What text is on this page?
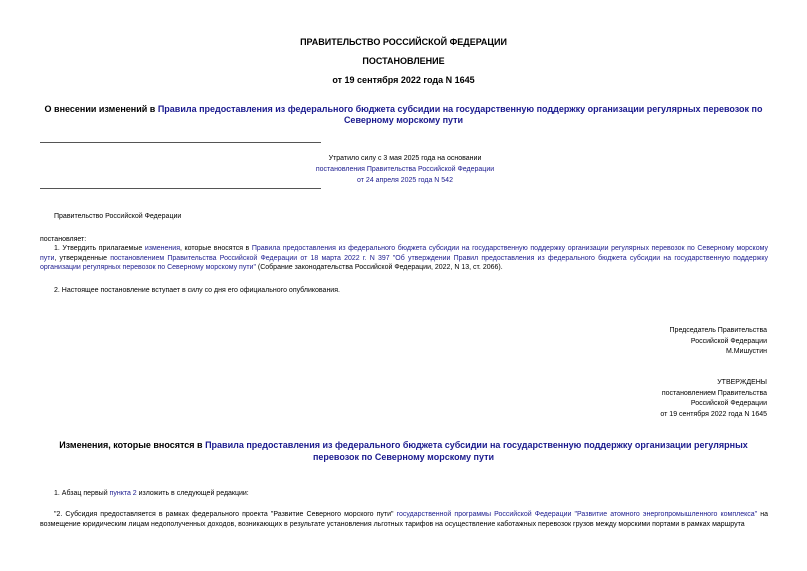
ПРАВИТЕЛЬСТВО РОССИЙСКОЙ ФЕДЕРАЦИИ
ПОСТАНОВЛЕНИЕ
от 19 сентября 2022 года N 1645
О внесении изменений в Правила предоставления из федерального бюджета субсидии на государственную поддержку организации регулярных перевозок по Северному морскому пути
Утратило силу с 3 мая 2025 года на основании
постановления Правительства Российской Федерации
от 24 апреля 2025 года N 542
Правительство Российской Федерации
постановляет:
1. Утвердить прилагаемые изменения, которые вносятся в Правила предоставления из федерального бюджета субсидии на государственную поддержку организации регулярных перевозок по Северному морскому пути, утвержденные постановлением Правительства Российской Федерации от 18 марта 2022 г. N 397 "Об утверждении Правил предоставления из федерального бюджета субсидии на государственную поддержку организации регулярных перевозок по Северному морскому пути" (Собрание законодательства Российской Федерации, 2022, N 13, ст. 2066).
2. Настоящее постановление вступает в силу со дня его официального опубликования.
Председатель Правительства
Российской Федерации
М.Мишустин
УТВЕРЖДЕНЫ
постановлением Правительства
Российской Федерации
от 19 сентября 2022 года N 1645
Изменения, которые вносятся в Правила предоставления из федерального бюджета субсидии на государственную поддержку организации регулярных перевозок по Северному морскому пути
1. Абзац первый пункта 2 изложить в следующей редакции:
"2. Субсидия предоставляется в рамках федерального проекта "Развитие Северного морского пути" государственной программы Российской Федерации "Развитие атомного энергопромышленного комплекса" на возмещение юридическим лицам недополученных доходов, возникающих в результате установления льготных тарифов на осуществление каботажных перевозок грузов между морскими портами в рамках маршрута
